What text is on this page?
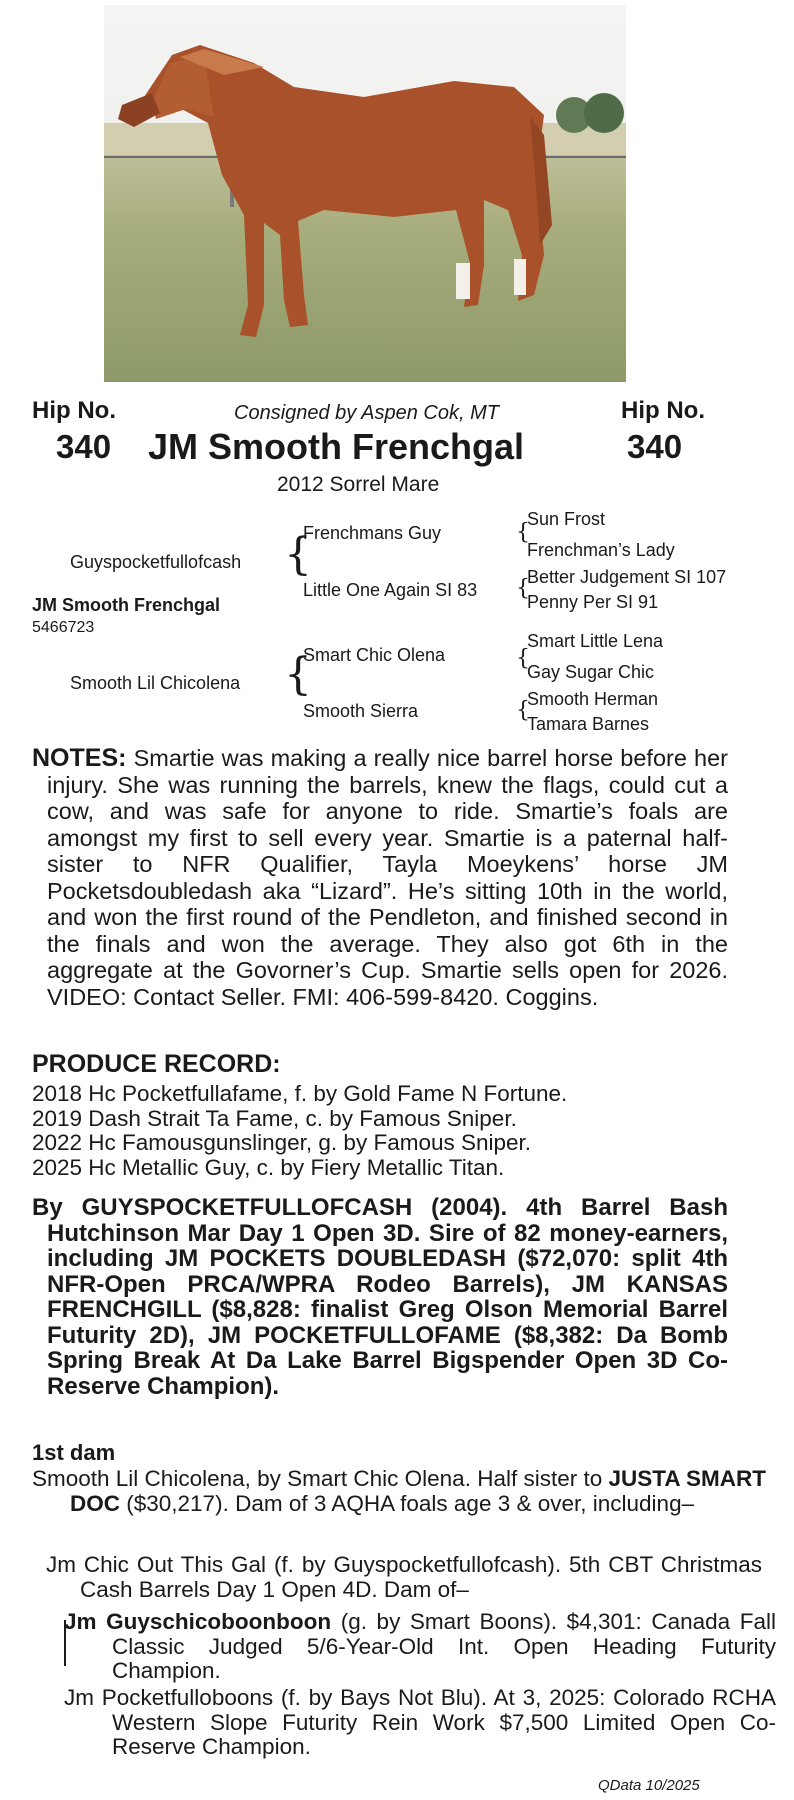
Hip No.	Hip No.
340	340
Consigned by Aspen Cok, MT
JM Smooth Frenchgal
2012 Sorrel Mare
Guyspocketfullofcash
JM Smooth Frenchgal
5466723
Smooth Lil Chicolena
{
Frenchmans Guy
Little One Again SI 83
{
Smart Chic Olena
Smooth Sierra
{
Sun Frost
Frenchman’s Lady
{
Better Judgement SI 107
Penny Per SI 91
{
Smart Little Lena
Gay Sugar Chic
{
Smooth Herman
Tamara Barnes

NOTES: Smartie was making a really nice barrel horse before her injury. She was running the barrels, knew the flags, could cut a cow, and was safe for anyone to ride. Smartie’s foals are amongst my first to sell every year. Smartie is a paternal half-sister to NFR Qualifier, Tayla Moeykens’ horse JM Pocketsdoubledash aka “Lizard”. He’s sitting 10th in the world, and won the first round of the Pendleton, and finished second in the finals and won the average. They also got 6th in the aggregate at the Govorner’s Cup. Smartie sells open for 2026. VIDEO: Contact Seller. FMI: 406-599-8420. Coggins.

PRODUCE RECORD:
2018 Hc Pocketfullafame, f. by Gold Fame N Fortune.
2019 Dash Strait Ta Fame, c. by Famous Sniper.
2022 Hc Famousgunslinger, g. by Famous Sniper.
2025 Hc Metallic Guy, c. by Fiery Metallic Titan.
By GUYSPOCKETFULLOFCASH (2004). 4th Barrel Bash Hutchinson Mar Day 1 Open 3D. Sire of 82 money-earners, including JM POCKETS DOUBLEDASH ($72,070: split 4th NFR-Open PRCA/WPRA Rodeo Barrels), JM KANSAS FRENCHGILL ($8,828: finalist Greg Olson Memorial Barrel Futurity 2D), JM POCKETFULLOFAME ($8,382: Da Bomb Spring Break At Da Lake Barrel Bigspender Open 3D Co-Reserve Champion).
1st dam
Smooth Lil Chicolena, by Smart Chic Olena. Half sister to JUSTA SMART DOC ($30,217). Dam of 3 AQHA foals age 3 & over, including–
Jm Chic Out This Gal (f. by Guyspocketfullofcash). 5th CBT Christmas Cash Barrels Day 1 Open 4D. Dam of–
Jm Guyschicoboonboon (g. by Smart Boons). $4,301: Canada Fall Classic Judged 5/6-Year-Old Int. Open Heading Futurity Champion.
Jm Pocketfulloboons (f. by Bays Not Blu). At 3, 2025: Colorado RCHA Western Slope Futurity Rein Work $7,500 Limited Open Co-Reserve Champion.
QData 10/2025
